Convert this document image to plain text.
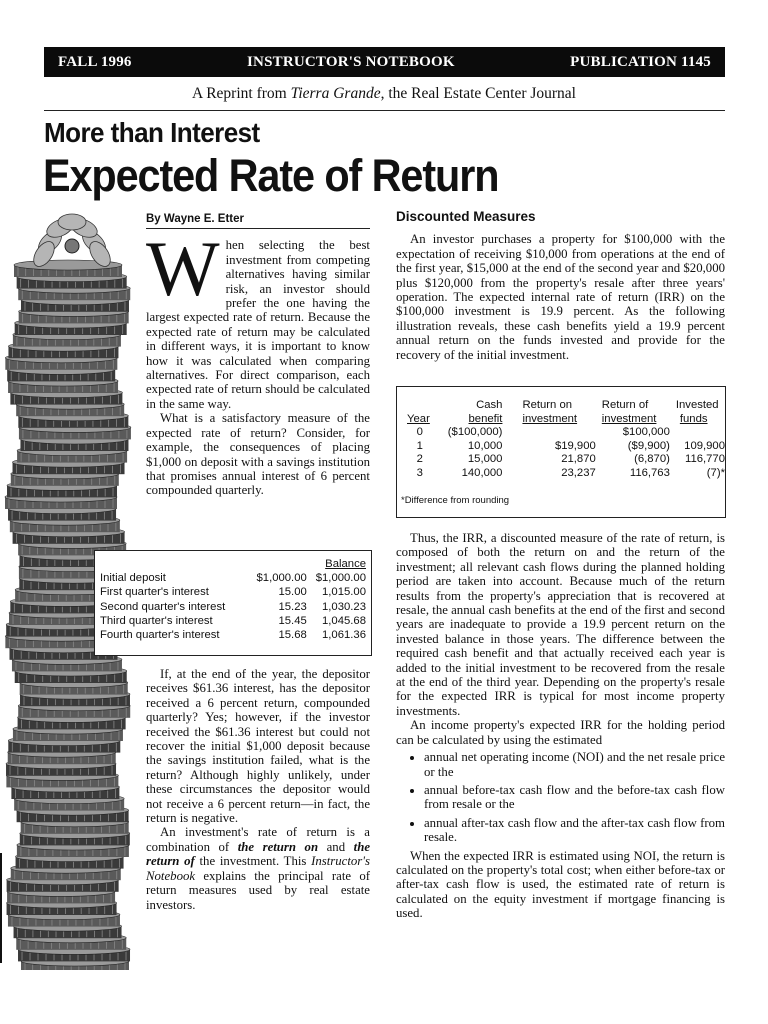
FALL 1996	INSTRUCTOR'S NOTEBOOK	PUBLICATION 1145
A Reprint from Tierra Grande, the Real Estate Center Journal
More than Interest
Expected Rate of Return
By Wayne E. Etter

When selecting the best investment from competing alternatives having similar risk, an investor should prefer the one having the largest expected rate of return. Because the expected rate of return may be calculated in different ways, it is important to know how it was calculated when comparing alternatives. For direct comparison, each expected rate of return should be calculated in the same way.

What is a satisfactory measure of the expected rate of return? Consider, for example, the consequences of placing $1,000 on deposit with a savings institution that promises annual interest of 6 percent compounded quarterly.

		Balance
Initial deposit	$1,000.00	$1,000.00
First quarter's interest	15.00	1,015.00
Second quarter's interest	15.23	1,030.23
Third quarter's interest	15.45	1,045.68
Fourth quarter's interest	15.68	1,061.36

If, at the end of the year, the depositor receives $61.36 interest, has the depositor received a 6 percent return, compounded quarterly? Yes; however, if the investor received the $61.36 interest but could not recover the initial $1,000 deposit because the savings institution failed, what is the return? Although highly unlikely, under these circumstances the depositor would not receive a 6 percent return—in fact, the return is negative.

An investment's rate of return is a combination of the return on and the return of the investment. This Instructor's Notebook explains the principal rate of return measures used by real estate investors.

Discounted Measures

An investor purchases a property for $100,000 with the expectation of receiving $10,000 from operations at the end of the first year, $15,000 at the end of the second year and $20,000 plus $120,000 from the property's resale after three years' operation. The expected internal rate of return (IRR) on the $100,000 investment is 19.9 percent. As the following illustration reveals, these cash benefits yield a 19.9 percent annual return on the funds invested and provide for the recovery of the initial investment.

	Cash	Return on	Return of	Invested
Year	benefit	investment	investment	funds
0	($100,000)		$100,000	
1	10,000	$19,900	($9,900)	109,900
2	15,000	21,870	(6,870)	116,770
3	140,000	23,237	116,763	(7)*
*Difference from rounding

Thus, the IRR, a discounted measure of the rate of return, is composed of both the return on and the return of the investment; all relevant cash flows during the planned holding period are taken into account. Because much of the return results from the property's appreciation that is recovered at resale, the annual cash benefits at the end of the first and second years are inadequate to provide a 19.9 percent return on the invested balance in those years. The difference between the required cash benefit and that actually received each year is added to the initial investment to be recovered from the resale at the end of the third year. Depending on the property's resale for the expected IRR is typical for most income property investments.

An income property's expected IRR for the holding period can be calculated by using the estimated

• annual net operating income (NOI) and the net resale price or the
• annual before-tax cash flow and the before-tax cash flow from resale or the
• annual after-tax cash flow and the after-tax cash flow from resale.

When the expected IRR is estimated using NOI, the return is calculated on the property's total cost; when either before-tax or after-tax cash flow is used, the estimated rate of return is calculated on the equity investment if mortgage financing is used.
